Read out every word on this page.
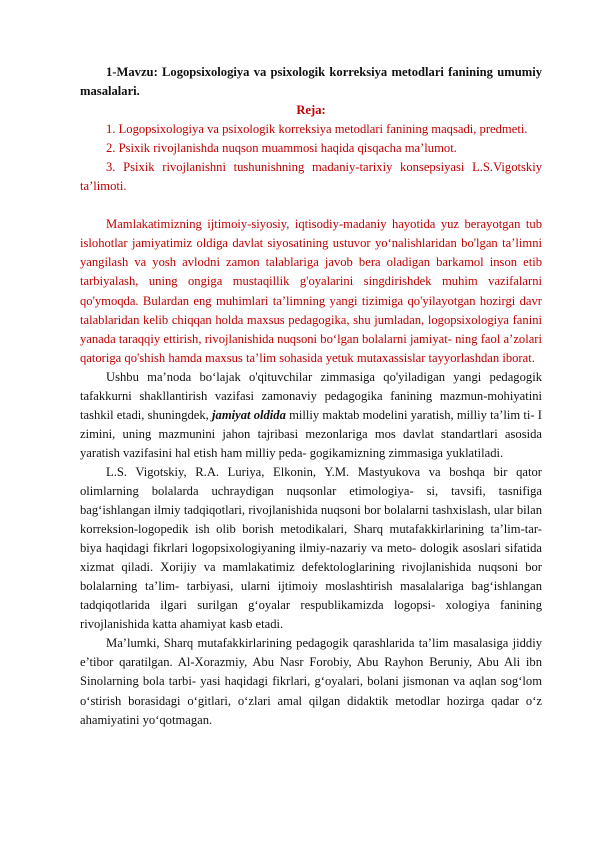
1-Mavzu: Logopsixologiya va psixologik korreksiya metodlari fanining umumiy masalalari.

Reja:

1. Logopsixologiya va psixologik korreksiya metodlari fanining maqsadi, predmeti.

2. Psixik rivojlanishda nuqson muammosi haqida qisqacha ma’lumot.

3. Psixik rivojlanishni tushunishning madaniy-tarixiy konsepsiyasi L.S.Vigotskiy ta’limoti.

Mamlakatimizning ijtimoiy-siyosiy, iqtisodiy-madaniy hayotida yuz berayotgan tub islohotlar jamiyatimiz oldiga davlat siyosatining ustuvor yo‘nalishlaridan bo'lgan ta’limni yangilash va yosh avlodni zamon talablariga javob bera oladigan barkamol inson etib tarbiyalash, uning ongiga mustaqillik g'oyalarini singdirishdek muhim vazifalarni qo'ymoqda. Bulardan eng muhimlari ta’limning yangi tizimiga qo'yilayotgan hozirgi davr talablaridan kelib chiqqan holda maxsus pedagogika, shu jumladan, logopsixologiya fanini yanada taraqqiy ettirish, rivojlanishida nuqsoni bo‘lgan bolalarni jamiyat- ning faol a’zolari qatoriga qo'shish hamda maxsus ta’lim sohasida yetuk mutaxassislar tayyorlashdan iborat.

Ushbu ma’noda bo‘lajak o'qituvchilar zimmasiga qo'yiladigan yangi pedagogik tafakkurni shakllantirish vazifasi zamonaviy pedagogika fanining mazmun-mohiyatini tashkil etadi, shuningdek, jamiyat oldida milliy maktab modelini yaratish, milliy ta’lim ti- I zimini, uning mazmunini jahon tajribasi mezonlariga mos davlat standartlari asosida yaratish vazifasini hal etish ham milliy peda- gogikamizning zimmasiga yuklatiladi.

L.S. Vigotskiy, R.A. Luriya, Elkonin, Y.M. Mastyukova va boshqa bir qator olimlarning bolalarda uchraydigan nuqsonlar etimologiya- si, tavsifi, tasnifiga bag‘ishlangan ilmiy tadqiqotlari, rivojlanishida nuqsoni bor bolalarni tashxislash, ular bilan korreksion-logopedik ish olib borish metodikalari, Sharq mutafakkirlarining ta’lim-tar- biya haqidagi fikrlari logopsixologiyaning ilmiy-nazariy va meto- dologik asoslari sifatida xizmat qiladi. Xorijiy va mamlakatimiz defektologlarining rivojlanishida nuqsoni bor bolalarning ta’lim- tarbiyasi, ularni ijtimoiy moslashtirish masalalariga bag‘ishlangan tadqiqotlarida ilgari surilgan g‘oyalar respublikamizda logopsi- xologiya fanining rivojlanishida katta ahamiyat kasb etadi.

Ma’lumki, Sharq mutafakkirlarining pedagogik qarashlarida ta’lim masalasiga jiddiy e’tibor qaratilgan. Al-Xorazmiy, Abu Nasr Forobiy, Abu Rayhon Beruniy, Abu Ali ibn Sinolarning bola tarbi- yasi haqidagi fikrlari, g‘oyalari, bolani jismonan va aqlan sog‘lom o‘stirish borasidagi o‘gitlari, o‘zlari amal qilgan didaktik metodlar hozirga qadar o‘z ahamiyatini yo‘qotmagan.
